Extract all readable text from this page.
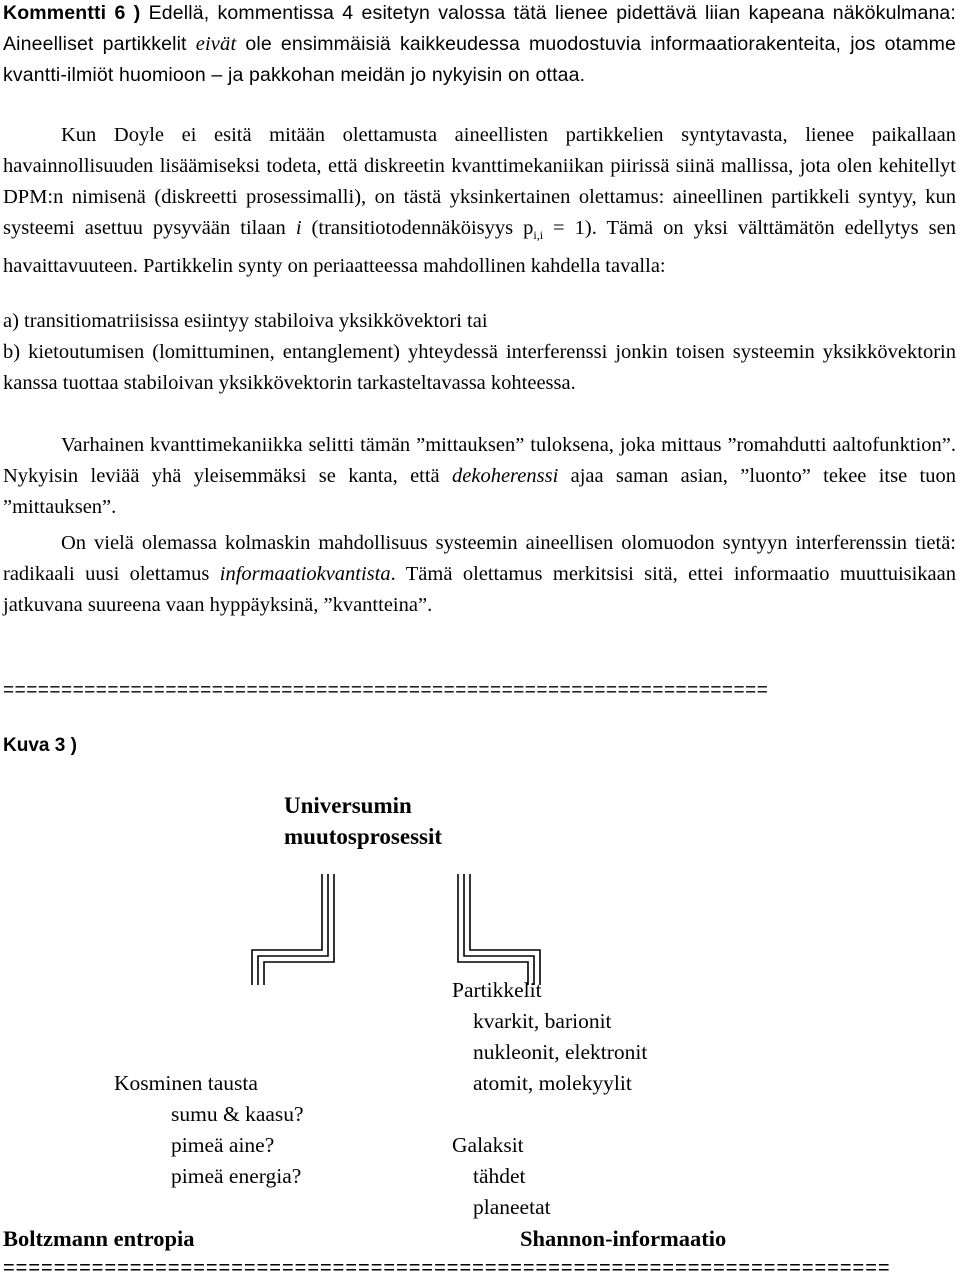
Kommentti 6 ) Edellä, kommentissa 4 esitetyn valossa tätä lienee pidettävä liian kapeana näkökulmana: Aineelliset partikkelit eivät ole ensimmäisiä kaikkeudessa muodostuvia informaatiorakenteita, jos otamme kvantti-ilmiöt huomioon – ja pakkohan meidän jo nykyisin on ottaa.

Kun Doyle ei esitä mitään olettamusta aineellisten partikkelien syntytavasta, lienee paikallaan havainnollisuuden lisäämiseksi todeta, että diskreetin kvanttimekaniikan piirissä siinä mallissa, jota olen kehitellyt DPM:n nimisenä (diskreetti prosessimalli), on tästä yksinkertainen olettamus: aineellinen partikkeli syntyy, kun systeemi asettuu pysyvään tilaan i (transitiotodennäköisyys $p_{i,i} = 1$). Tämä on yksi välttämätön edellytys sen havaittavuuteen. Partikkelin synty on periaatteessa mahdollinen kahdella tavalla:

a) transitiomatriisissa esiintyy stabiloiva yksikkövektori tai

b) kietoutumisen (lomittuminen, entanglement) yhteydessä interferenssi jonkin toisen systeemin yksikkövektorin kanssa tuottaa stabiloivan yksikkövektorin tarkasteltavassa kohteessa.

Varhainen kvanttimekaniikka selitti tämän ”mittauksen” tuloksena, joka mittaus ”romahdutti aaltofunktion”. Nykyisin leviää yhä yleisemmäksi se kanta, että dekoherenssi ajaa saman asian, ”luonto” tekee itse tuon ”mittauksen”.

On vielä olemassa kolmaskin mahdollisuus systeemin aineellisen olomuodon syntyyn interferenssin tietä: radikaali uusi olettamus informaatiokvantista. Tämä olettamus merkitsisi sitä, ettei informaatio muuttuisikaan jatkuvana suureena vaan hyppäyksinä, ”kvantteina”.

==================================================================
Kuva 3 )
Universumin
muutosprosessit
Partikkelit
kvarkit, barionit
nukleonit, elektronit
atomit, molekyylit
Kosminen tausta
sumu & kaasu?
pimeä aine?
pimeä energia?
Galaksit
tähdet
planeetat
Boltzmann entropia	Shannon-informaatio
======================================================================
